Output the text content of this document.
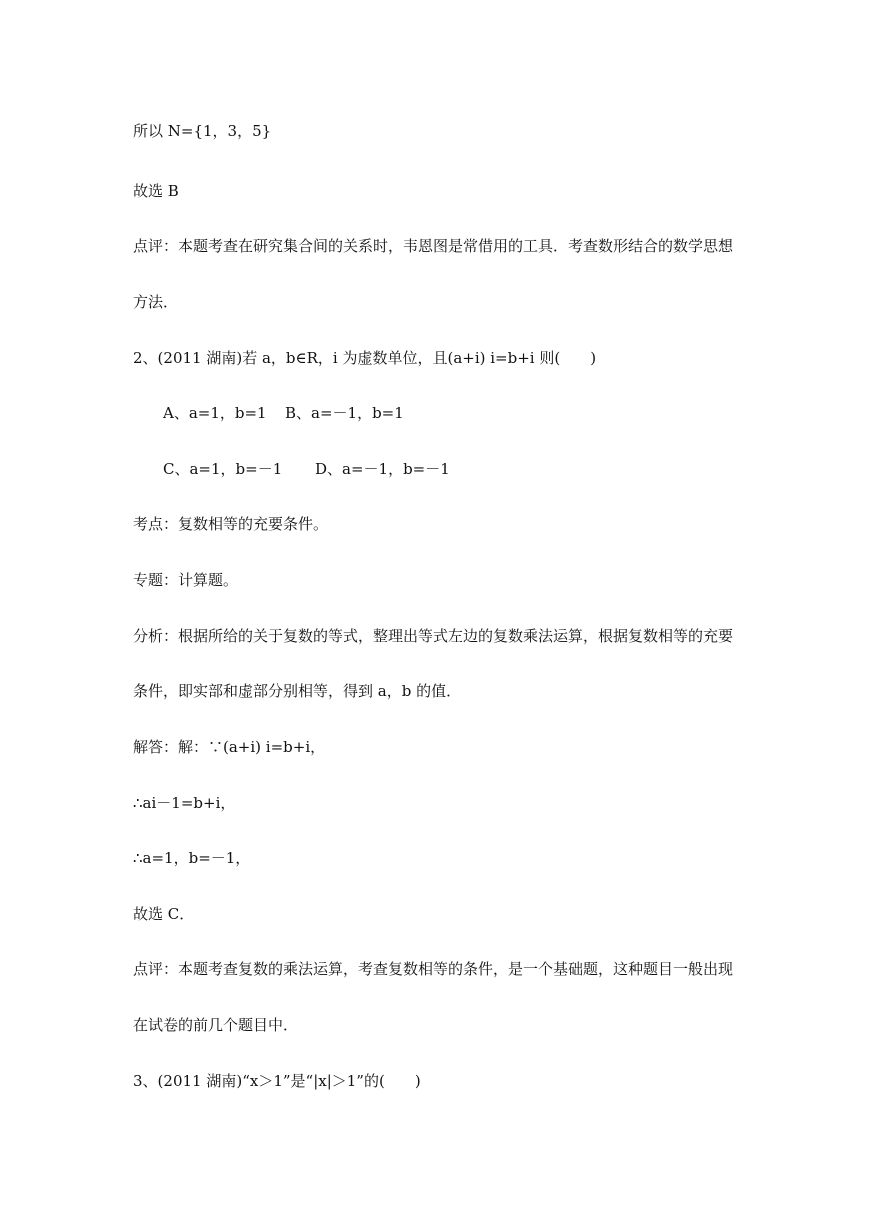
所以 N={1，3，5}
故选 B
点评：本题考查在研究集合间的关系时，韦恩图是常借用的工具．考查数形结合的数学思想
方法．
2、(2011 湖南)若 a，b∈R，i 为虚数单位，且(a+i) i=b+i 则(　　)
A、a=1，b=1 B、a=－1，b=1
C、a=1，b=－1 D、a=－1，b=－1
考点：复数相等的充要条件。
专题：计算题。
分析：根据所给的关于复数的等式，整理出等式左边的复数乘法运算，根据复数相等的充要
条件，即实部和虚部分别相等，得到 a，b 的值．
解答：解：∵(a+i) i=b+i，
∴ai－1=b+i，
∴a=1，b=－1，
故选 C．
点评：本题考查复数的乘法运算，考查复数相等的条件，是一个基础题，这种题目一般出现
在试卷的前几个题目中．
3、(2011 湖南)“x＞1”是“|x|＞1”的(　　)
